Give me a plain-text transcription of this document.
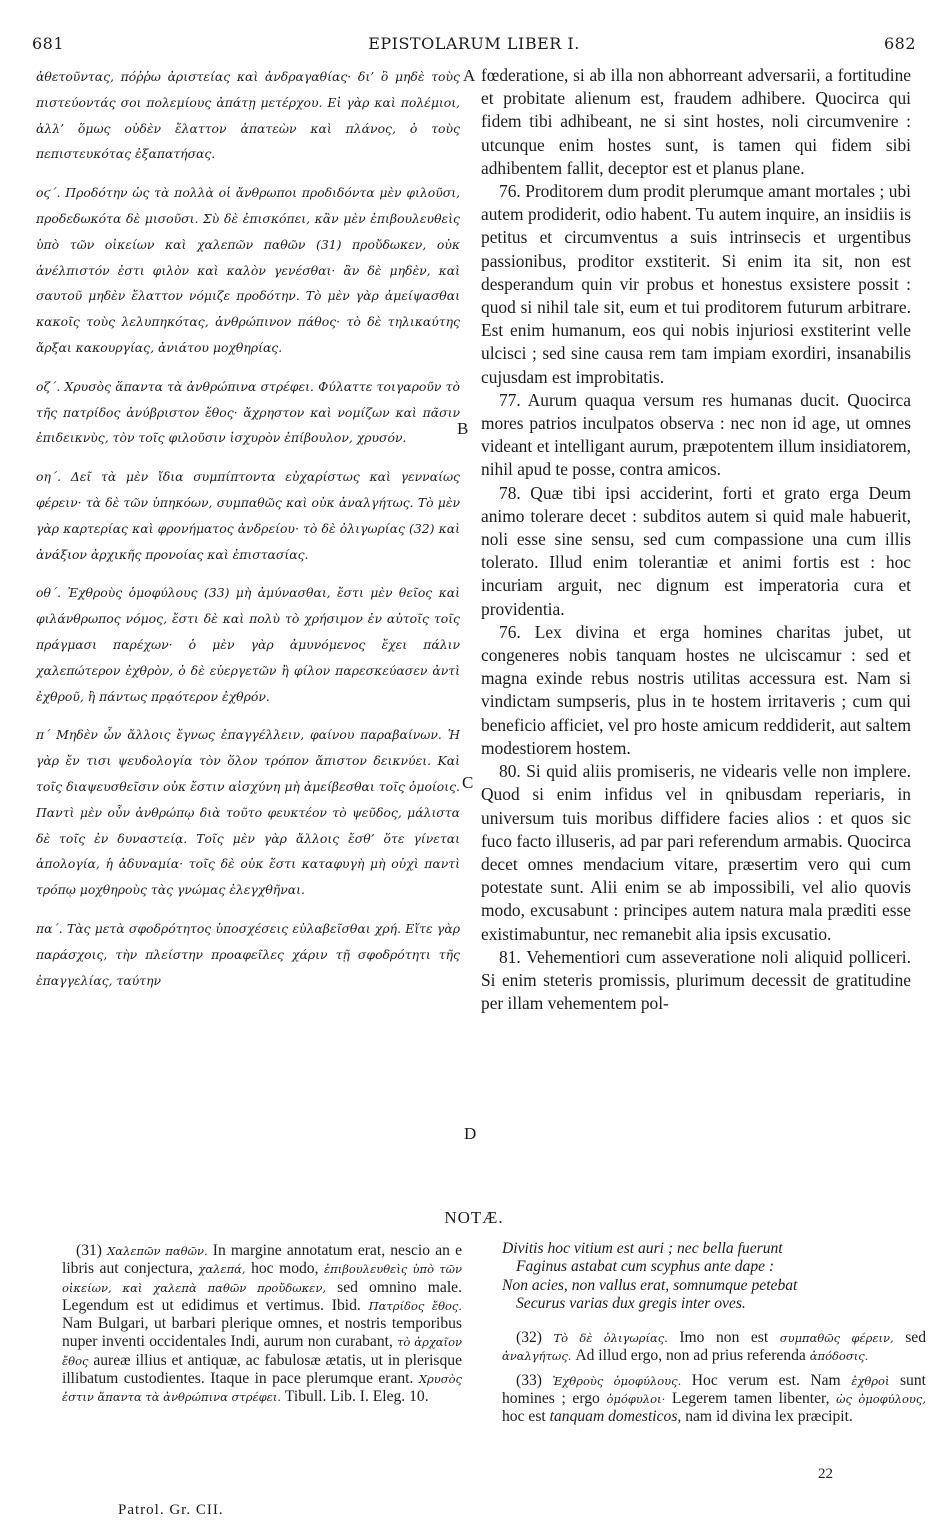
681	EPISTOLARUM LIBER I.	682

ἀθετοῦντας, πόῤῥω ἀριστείας καὶ ἀνδραγαθίας· δι’ ὃ μηδὲ τοὺς πιστεύοντάς σοι πολεμίους ἀπάτῃ μετέρχου. Εἰ γὰρ καὶ πολέμιοι, ἀλλ’ ὅμως οὐδὲν ἔλαττον ἀπατεὼν καὶ πλάνος, ὁ τοὺς πεπιστευκότας ἐξαπατήσας.

οϛ΄. Προδότην ὡς τὰ πολλὰ οἱ ἄνθρωποι προδιδόντα μὲν φιλοῦσι, προδεδωκότα δὲ μισοῦσι. Σὺ δὲ ἐπισκόπει, κἂν μὲν ἐπιβουλευθεὶς ὑπὸ τῶν οἰκείων καὶ χαλεπῶν παθῶν (31) προὔδωκεν, οὐκ ἀνέλπιστόν ἐστι φιλὸν καὶ καλὸν γενέσθαι· ἂν δὲ μηδὲν, καὶ σαυτοῦ μηδὲν ἔλαττον νόμιζε προδότην. Τὸ μὲν γὰρ ἀμείψασθαι κακοῖς τοὺς λελυπηκότας, ἀνθρώπινον πάθος· τὸ δὲ τηλικαύτης ἄρξαι κακουργίας, ἀνιάτου μοχθηρίας.

οζ΄. Χρυσὸς ἅπαντα τὰ ἀνθρώπινα στρέφει. Φύλαττε τοιγαροῦν τὸ τῆς πατρίδος ἀνύβριστον ἔθος· ἄχρηστον καὶ νομίζων καὶ πᾶσιν ἐπιδεικνὺς, τὸν τοῖς φιλοῦσιν ἰσχυρὸν ἐπίβουλον, χρυσόν.

οη΄. Δεῖ τὰ μὲν ἴδια συμπίπτοντα εὐχαρίστως καὶ γενναίως φέρειν· τὰ δὲ τῶν ὑπηκόων, συμπαθῶς καὶ οὐκ ἀναλγήτως. Τὸ μὲν γὰρ καρτερίας καὶ φρονήματος ἀνδρείου· τὸ δὲ ὀλιγωρίας (32) καὶ ἀνάξιον ἀρχικῆς προνοίας καὶ ἐπιστασίας.

οθ΄. Ἐχθροὺς ὁμοφύλους (33) μὴ ἀμύνασθαι, ἔστι μὲν θεῖος καὶ φιλάνθρωπος νόμος, ἔστι δὲ καὶ πολὺ τὸ χρήσιμον ἐν αὐτοῖς τοῖς πράγμασι παρέχων· ὁ μὲν γὰρ ἀμυνόμενος ἔχει πάλιν χαλεπώτερον ἐχθρὸν, ὁ δὲ εὐεργετῶν ἢ φίλον παρεσκεύασεν ἀντὶ ἐχθροῦ, ἢ πάντως πρᾳότερον ἐχθρόν.

π΄ Μηδὲν ὧν ἄλλοις ἔγνως ἐπαγγέλλειν, φαίνου παραβαίνων. Ἡ γὰρ ἔν τισι ψευδολογία τὸν ὅλον τρόπον ἄπιστον δεικνύει. Καὶ τοῖς διαψευσθεῖσιν οὐκ ἔστιν αἰσχύνη μὴ ἀμείβεσθαι τοῖς ὁμοίοις. Παντὶ μὲν οὖν ἀνθρώπῳ διὰ τοῦτο φευκτέον τὸ ψεῦδος, μάλιστα δὲ τοῖς ἐν δυναστείᾳ. Τοῖς μὲν γὰρ ἄλλοις ἔσθ’ ὅτε γίνεται ἀπολογία, ἡ ἀδυναμία· τοῖς δὲ οὐκ ἔστι καταφυγὴ μὴ οὐχὶ παντὶ τρόπῳ μοχθηροὺς τὰς γνώμας ἐλεγχθῆναι.

πα΄. Τὰς μετὰ σφοδρότητος ὑποσχέσεις εὐλαβεῖσθαι χρή. Εἴτε γὰρ παράσχοις, τὴν πλείστην προαφεῖλες χάριν τῇ σφοδρότητι τῆς ἐπαγγελίας, ταύτην

A
B
C
D

fœderatione, si ab illa non abhorreant adversarii, a fortitudine et probitate alienum est, fraudem adhibere. Quocirca qui fidem tibi adhibeant, ne si sint hostes, noli circumvenire : utcunque enim hostes sunt, is tamen qui fidem sibi adhibentem fallit, deceptor est et planus plane.

76. Proditorem dum prodit plerumque amant mortales ; ubi autem prodiderit, odio habent. Tu autem inquire, an insidiis is petitus et circumventus a suis intrinsecis et urgentibus passionibus, proditor exstiterit. Si enim ita sit, non est desperandum quin vir probus et honestus exsistere possit : quod si nihil tale sit, eum et tui proditorem futurum arbitrare. Est enim humanum, eos qui nobis injuriosi exstiterint velle ulcisci ; sed sine causa rem tam impiam exordiri, insanabilis cujusdam est improbitatis.

77. Aurum quaqua versum res humanas ducit. Quocirca mores patrios inculpatos observa : nec non id age, ut omnes videant et intelligant aurum, præpotentem illum insidiatorem, nihil apud te posse, contra amicos.

78. Quæ tibi ipsi acciderint, forti et grato erga Deum animo tolerare decet : subditos autem si quid male habuerit, noli esse sine sensu, sed cum compassione una cum illis tolerato. Illud enim tolerantiæ et animi fortis est : hoc incuriam arguit, nec dignum est imperatoria cura et providentia.

76. Lex divina et erga homines charitas jubet, ut congeneres nobis tanquam hostes ne ulciscamur : sed et magna exinde rebus nostris utilitas accessura est. Nam si vindictam sumpseris, plus in te hostem irritaveris ; cum qui beneficio afficiet, vel pro hoste amicum reddiderit, aut saltem modestiorem hostem.

80. Si quid aliis promiseris, ne videaris velle non implere. Quod si enim infidus vel in qnibusdam reperiaris, in universum tuis moribus diffidere facies alios : et quos sic fuco facto illuseris, ad par pari referendum armabis. Quocirca decet omnes mendacium vitare, præsertim vero qui cum potestate sunt. Alii enim se ab impossibili, vel alio quovis modo, excusabunt : principes autem natura mala præditi esse existimabuntur, nec remanebit alia ipsis excusatio.

81. Vehementiori cum asseveratione noli aliquid polliceri. Si enim steteris promissis, plurimum decessit de gratitudine per illam vehementem pol-

NOTÆ.

(31) Χαλεπῶν παθῶν. In margine annotatum erat, nescio an e libris aut conjectura, χαλεπά, hoc modo, ἐπιβουλευθεὶς ὑπὸ τῶν οἰκείων, καὶ χαλεπὰ παθῶν προὔδωκεν, sed omnino male. Legendum est ut edidimus et vertimus. Ibid. Πατρίδος ἔθος. Nam Bulgari, ut barbari plerique omnes, et nostris temporibus nuper inventi occidentales Indi, aurum non curabant, τὸ ἀρχαῖον ἔθος aureæ illius et antiquæ, ac fabulosæ ætatis, ut in plerisque illibatum custodientes. Itaque in pace plerumque erant. Χρυσὸς ἐστιν ἅπαντα τὰ ἀνθρώπινα στρέφει. Tibull. Lib. I. Eleg. 10.

Patrol. Gr. CII.
Divitis hoc vitium est auri ; nec bella fuerunt
Faginus astabat cum scyphus ante dape :
Non acies, non vallus erat, somnumque petebat
Securus varias dux gregis inter oves.

(32) Τὸ δὲ ὀλιγωρίας. Imo non est συμπαθῶς φέρειν, sed ἀναλγήτως. Ad illud ergo, non ad prius referenda ἀπόδοσις.

(33) Ἐχθροὺς ὁμοφύλους. Hoc verum est. Nam ἐχθροὶ sunt homines ; ergo ὁμόφυλοι· Legerem tamen libenter, ὡς ὁμοφύλους, hoc est tanquam domesticos, nam id divina lex præcipit.

22
